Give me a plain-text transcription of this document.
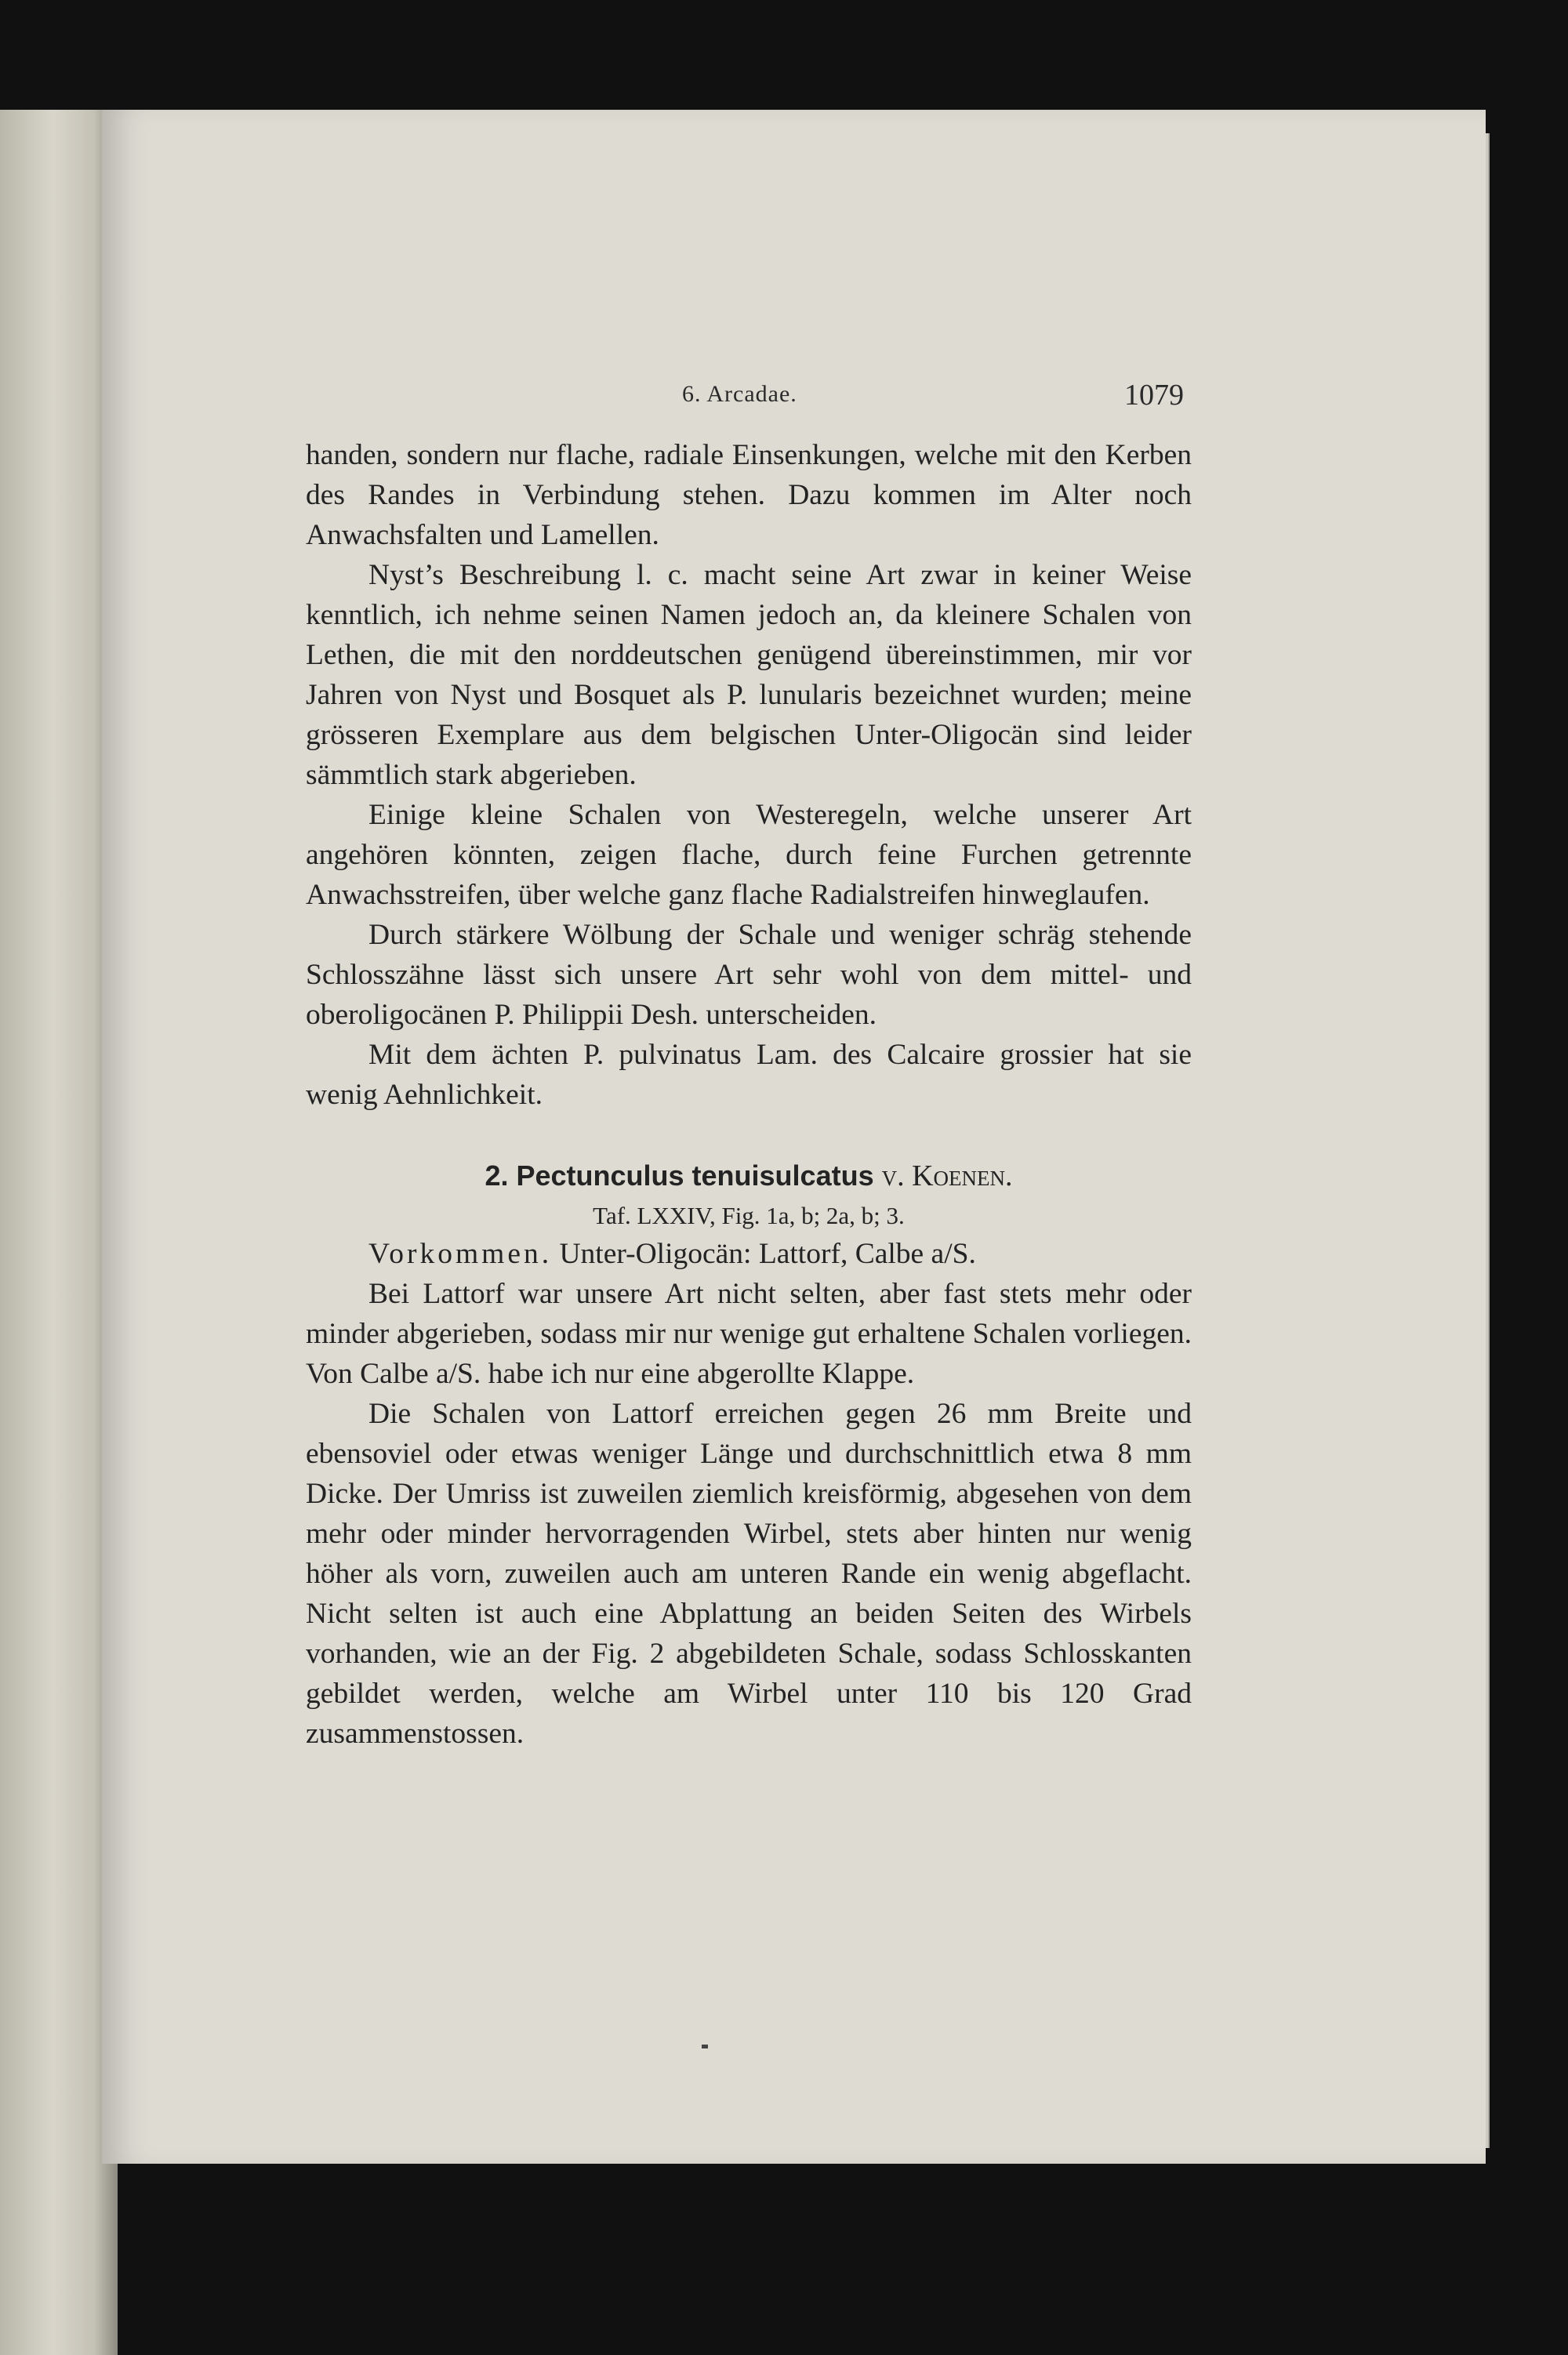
6. Arcadae.	1079

handen, sondern nur flache, radiale Einsenkungen, welche mit den Kerben des Randes in Verbindung stehen. Dazu kommen im Alter noch Anwachsfalten und Lamellen.

Nyst’s Beschreibung l. c. macht seine Art zwar in keiner Weise kenntlich, ich nehme seinen Namen jedoch an, da kleinere Schalen von Lethen, die mit den norddeutschen genügend übereinstimmen, mir vor Jahren von Nyst und Bosquet als P. lunularis bezeichnet wurden; meine grösseren Exemplare aus dem belgischen Unter-Oligocän sind leider sämmtlich stark abgerieben.

Einige kleine Schalen von Westeregeln, welche unserer Art angehören könnten, zeigen flache, durch feine Furchen getrennte Anwachsstreifen, über welche ganz flache Radialstreifen hinweglaufen.

Durch stärkere Wölbung der Schale und weniger schräg stehende Schlosszähne lässt sich unsere Art sehr wohl von dem mittel- und oberoligocänen P. Philippii Desh. unterscheiden.

Mit dem ächten P. pulvinatus Lam. des Calcaire grossier hat sie wenig Aehnlichkeit.

2. Pectunculus tenuisulcatus v. Koenen.

Taf. LXXIV, Fig. 1a, b; 2a, b; 3.

Vorkommen. Unter-Oligocän: Lattorf, Calbe a/S.

Bei Lattorf war unsere Art nicht selten, aber fast stets mehr oder minder abgerieben, sodass mir nur wenige gut erhaltene Schalen vorliegen. Von Calbe a/S. habe ich nur eine abgerollte Klappe.

Die Schalen von Lattorf erreichen gegen 26 mm Breite und ebensoviel oder etwas weniger Länge und durchschnittlich etwa 8 mm Dicke. Der Umriss ist zuweilen ziemlich kreisförmig, abgesehen von dem mehr oder minder hervorragenden Wirbel, stets aber hinten nur wenig höher als vorn, zuweilen auch am unteren Rande ein wenig abgeflacht. Nicht selten ist auch eine Abplattung an beiden Seiten des Wirbels vorhanden, wie an der Fig. 2 abgebildeten Schale, sodass Schlosskanten gebildet werden, welche am Wirbel unter 110 bis 120 Grad zusammenstossen.
